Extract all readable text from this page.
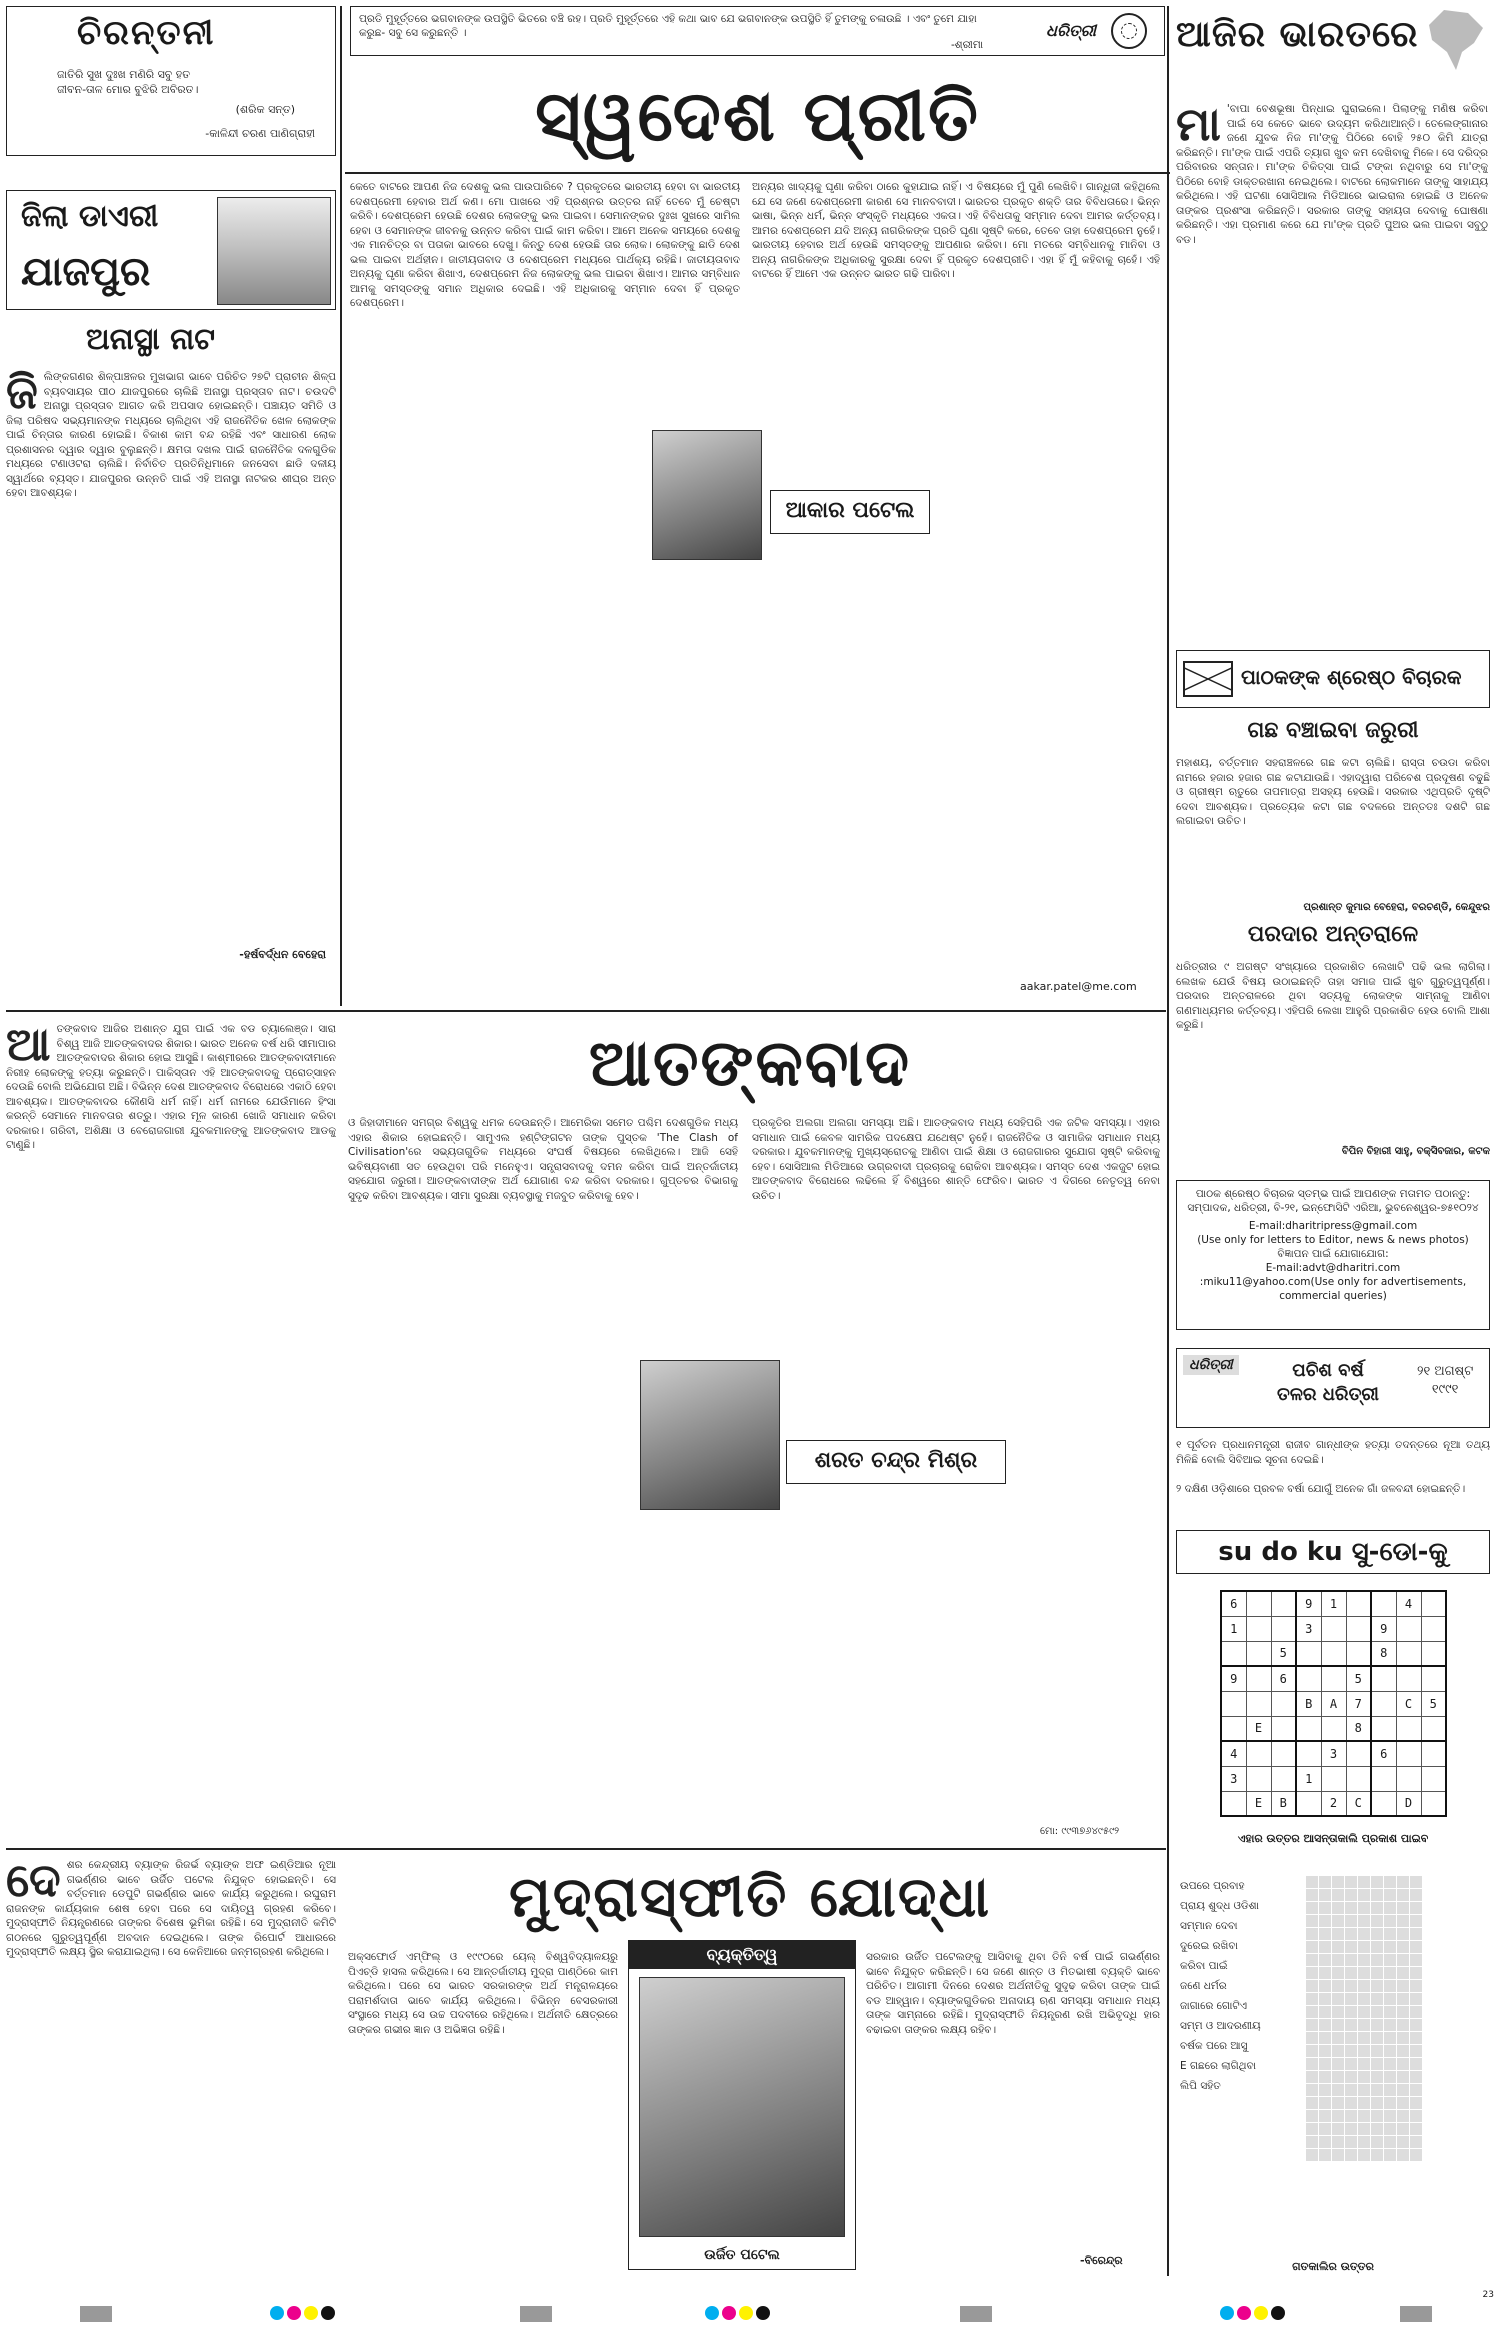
ଚିରନ୍ତନୀ
ଜାତିରି ସୁଖ ଦୁଃଖ ମଣିରି ସବୁ ହତ
ଜୀବନ-ତାଳ ମୋର ବୁଝିରି ଅବିରତ।
(ଶରିକ ସନ୍ତ)
-କାଳିନ୍ଦୀ ଚରଣ ପାଣିଗ୍ରାହୀ
ପ୍ରତି ମୁହୂର୍ତ୍ତରେ ଭଗବାନଙ୍କ ଉପସ୍ଥିତି ଭିତରେ ବଞ୍ଚି ରହ। ପ୍ରତି ମୁହୂର୍ତ୍ତରେ ଏହି କଥା ଭାବ ଯେ ଭଗବାନଙ୍କ ଉପସ୍ଥିତି ହିଁ ତୁମଙ୍କୁ ଚଳାଉଛି । ଏବଂ ତୁମେ ଯାହା କରୁଛ- ସବୁ ସେ କରୁଛନ୍ତି ।
-ଶ୍ରୀମା
ଧରିତ୍ରୀ
ସ୍ୱଦେଶ ପ୍ରୀତି
ଆଜିର ଭାରତରେ
ମା 'ବାପା ବେଶଭୂଷା ପିନ୍ଧାଇ ଘୁରାଇଲେ। ପିଲାଙ୍କୁ ମଣିଷ କରିବା ପାଇଁ ସେ କେତେ ଭାବେ ଉଦ୍ୟମ କରିଥାଆନ୍ତି। ତେଲେଙ୍ଗାନାର ଜଣେ ଯୁବକ ନିଜ ମା'ଙ୍କୁ ପିଠିରେ ବୋହି ୨୫୦ କିମି ଯାତ୍ରା କରିଛନ୍ତି। ମା'ଙ୍କ ପାଇଁ ଏପରି ତ୍ୟାଗ ଖୁବ କମ ଦେଖିବାକୁ ମିଳେ। ସେ ଦରିଦ୍ର ପରିବାରର ସନ୍ତାନ। ମା'ଙ୍କ ଚିକିତ୍ସା ପାଇଁ ଟଙ୍କା ନଥିବାରୁ ସେ ମା'ଙ୍କୁ ପିଠିରେ ବୋହି ଡାକ୍ତରଖାନା ନେଇଥିଲେ। ବାଟରେ ଲୋକମାନେ ତାଙ୍କୁ ସାହାଯ୍ୟ କରିଥିଲେ। ଏହି ଘଟଣା ସୋସିଆଲ ମିଡିଆରେ ଭାଇରାଲ ହୋଇଛି ଓ ଅନେକ ତାଙ୍କର ପ୍ରଶଂସା କରିଛନ୍ତି। ସରକାର ତାଙ୍କୁ ସହାୟତା ଦେବାକୁ ଘୋଷଣା କରିଛନ୍ତି। ଏହା ପ୍ରମାଣ କରେ ଯେ ମା'ଙ୍କ ପ୍ରତି ପୁଅର ଭଲ ପାଇବା ସବୁଠୁ ବଡ।
ଜିଲା ଡାଏରୀ
ଯାଜପୁର
ଅନାସ୍ଥା ନାଟ
ଜି ଲିଙ୍କଗଣର ଶିଳ୍ପାଞ୍ଚଳର ମୁଖଭାଗ ଭାବେ ପରିଚିତ ୨୭ଟି ପ୍ରାଚୀନ ଶିଳ୍ପ ବ୍ୟବସାୟର ପୀଠ ଯାଜପୁରରେ ଚାଲିଛି ଅନାସ୍ଥା ପ୍ରସ୍ତାବ ନାଟ। ଚଉଦଟି ଅନାସ୍ଥା ପ୍ରସ୍ତାବ ଆଗତ କରି ଅପସାଦ ହୋଇଛନ୍ତି। ପଞ୍ଚାୟତ ସମିତି ଓ ଜିଲା ପରିଷଦ ସଭ୍ୟମାନଙ୍କ ମଧ୍ୟରେ ଚାଲିଥିବା ଏହି ରାଜନୈତିକ ଖେଳ ଲୋକଙ୍କ ପାଇଁ ଚିନ୍ତାର କାରଣ ହୋଇଛି। ବିକାଶ କାମ ବନ୍ଦ ରହିଛି ଏବଂ ସାଧାରଣ ଲୋକ ପ୍ରଶାସନର ଦ୍ୱାର ଦ୍ୱାର ବୁଲୁଛନ୍ତି। କ୍ଷମତା ଦଖଲ ପାଇଁ ରାଜନୈତିକ ଦଳଗୁଡିକ ମଧ୍ୟରେ ଟଣାଓଟରା ଚାଲିଛି। ନିର୍ବାଚିତ ପ୍ରତିନିଧିମାନେ ଜନସେବା ଛାଡି ଦଳୀୟ ସ୍ୱାର୍ଥରେ ବ୍ୟସ୍ତ। ଯାଜପୁରର ଉନ୍ନତି ପାଇଁ ଏହି ଅନାସ୍ଥା ନାଟକର ଶୀଘ୍ର ଅନ୍ତ ହେବା ଆବଶ୍ୟକ।
-ହର୍ଷବର୍ଦ୍ଧନ ବେହେରା
କେତେ ବାଟରେ ଆପଣ ନିଜ ଦେଶକୁ ଭଲ ପାଉପାରିବେ ? ପ୍ରକୃତରେ ଭାରତୀୟ ହେବା ବା ଭାରତୀୟ ଦେଶପ୍ରେମୀ ହେବାର ଅର୍ଥ କଣ। ମୋ ପାଖରେ ଏହି ପ୍ରଶ୍ନର ଉତ୍ତର ନାହିଁ ତେବେ ମୁଁ ଚେଷ୍ଟା କରିବି। ଦେଶପ୍ରେମ ହେଉଛି ଦେଶର ଲୋକଙ୍କୁ ଭଲ ପାଇବା। ସେମାନଙ୍କର ଦୁଃଖ ସୁଖରେ ସାମିଲ ହେବା ଓ ସେମାନଙ୍କ ଜୀବନକୁ ଉନ୍ନତ କରିବା ପାଇଁ କାମ କରିବା। ଆମେ ଅନେକ ସମୟରେ ଦେଶକୁ ଏକ ମାନଚିତ୍ର ବା ପତାକା ଭାବରେ ଦେଖୁ। କିନ୍ତୁ ଦେଶ ହେଉଛି ତାର ଲୋକ। ଲୋକଙ୍କୁ ଛାଡି ଦେଶ ଭଲ ପାଇବା ଅର୍ଥହୀନ। ଜାତୀୟତାବାଦ ଓ ଦେଶପ୍ରେମ ମଧ୍ୟରେ ପାର୍ଥକ୍ୟ ରହିଛି। ଜାତୀୟତାବାଦ ଅନ୍ୟକୁ ଘୃଣା କରିବା ଶିଖାଏ, ଦେଶପ୍ରେମ ନିଜ ଲୋକଙ୍କୁ ଭଲ ପାଇବା ଶିଖାଏ। ଆମର ସମ୍ବିଧାନ ଆମକୁ ସମସ୍ତଙ୍କୁ ସମାନ ଅଧିକାର ଦେଇଛି। ଏହି ଅଧିକାରକୁ ସମ୍ମାନ ଦେବା ହିଁ ପ୍ରକୃତ ଦେଶପ୍ରେମ।
ଅନ୍ୟର ଖାଦ୍ୟକୁ ଘୃଣା କରିବା ଠାରେ କୁହାଯାଇ ନାହିଁ। ଏ ବିଷୟରେ ମୁଁ ପୁଣି ଲେଖିବି। ଗାନ୍ଧିଜୀ କହିଥିଲେ ଯେ ସେ ଜଣେ ଦେଶପ୍ରେମୀ କାରଣ ସେ ମାନବବାଦୀ। ଭାରତର ପ୍ରକୃତ ଶକ୍ତି ତାର ବିବିଧତାରେ। ଭିନ୍ନ ଭାଷା, ଭିନ୍ନ ଧର୍ମ, ଭିନ୍ନ ସଂସ୍କୃତି ମଧ୍ୟରେ ଏକତା। ଏହି ବିବିଧତାକୁ ସମ୍ମାନ ଦେବା ଆମର କର୍ତ୍ତବ୍ୟ। ଆମର ଦେଶପ୍ରେମ ଯଦି ଅନ୍ୟ ନାଗରିକଙ୍କ ପ୍ରତି ଘୃଣା ସୃଷ୍ଟି କରେ, ତେବେ ତାହା ଦେଶପ୍ରେମ ନୁହେଁ। ଭାରତୀୟ ହେବାର ଅର୍ଥ ହେଉଛି ସମସ୍ତଙ୍କୁ ଆପଣାର କରିବା। ମୋ ମତରେ ସମ୍ବିଧାନକୁ ମାନିବା ଓ ଅନ୍ୟ ନାଗରିକଙ୍କ ଅଧିକାରକୁ ସୁରକ୍ଷା ଦେବା ହିଁ ପ୍ରକୃତ ଦେଶପ୍ରୀତି। ଏହା ହିଁ ମୁଁ କହିବାକୁ ଚାହେଁ। ଏହି ବାଟରେ ହିଁ ଆମେ ଏକ ଉନ୍ନତ ଭାରତ ଗଢି ପାରିବା।
ଆକାର ପଟେଲ
aakar.patel@me.com
ପାଠକଙ୍କ ଶ୍ରେଷ୍ଠ ବିଚାରକ
ଗଛ ବଞ୍ଚାଇବା ଜରୁରୀ
ମହାଶୟ, ବର୍ତ୍ତମାନ ସହରାଞ୍ଚଳରେ ଗଛ କଟା ଚାଲିଛି। ରାସ୍ତା ଚଉଡା କରିବା ନାମରେ ହଜାର ହଜାର ଗଛ କଟାଯାଉଛି। ଏହାଦ୍ୱାରା ପରିବେଶ ପ୍ରଦୂଷଣ ବଢୁଛି ଓ ଗ୍ରୀଷ୍ମ ଋତୁରେ ତାପମାତ୍ରା ଅସହ୍ୟ ହେଉଛି। ସରକାର ଏଥିପ୍ରତି ଦୃଷ୍ଟି ଦେବା ଆବଶ୍ୟକ। ପ୍ରତ୍ୟେକ କଟା ଗଛ ବଦଳରେ ଅନ୍ତତଃ ଦଶଟି ଗଛ ଲଗାଇବା ଉଚିତ।
ପ୍ରଶାନ୍ତ କୁମାର ବେହେରା, ବରଚଣ୍ଡି, କେନ୍ଦୁଝର
ପରଦାର ଅନ୍ତରାଳେ
ଧରିତ୍ରୀର ୯ ଅଗଷ୍ଟ ସଂଖ୍ୟାରେ ପ୍ରକାଶିତ ଲେଖାଟି ପଢି ଭଲ ଲାଗିଲା। ଲେଖକ ଯେଉଁ ବିଷୟ ଉଠାଇଛନ୍ତି ତାହା ସମାଜ ପାଇଁ ଖୁବ ଗୁରୁତ୍ୱପୂର୍ଣ୍ଣ। ପରଦାର ଅନ୍ତରାଳରେ ଥିବା ସତ୍ୟକୁ ଲୋକଙ୍କ ସାମ୍ନାକୁ ଆଣିବା ଗଣମାଧ୍ୟମର କର୍ତ୍ତବ୍ୟ। ଏହିପରି ଲେଖା ଆହୁରି ପ୍ରକାଶିତ ହେଉ ବୋଲି ଆଶା କରୁଛି।
ବିପିନ ବିହାରୀ ସାହୁ, ବକ୍ସିବଜାର, କଟକ
ପାଠକ ଶ୍ରେଷ୍ଠ ବିଚାରକ ସ୍ତମ୍ଭ ପାଇଁ ଆପଣଙ୍କ ମତାମତ ପଠାନ୍ତୁ:
ସମ୍ପାଦକ, ଧରିତ୍ରୀ, ବି-୨୧, ଇନ୍‌ଫୋସିଟି ଏରିଆ, ଭୁବନେଶ୍ୱର-୭୫୧୦୨୪
E-mail:dharitripress@gmail.com
(Use only for letters to Editor, news & news photos)
ବିଜ୍ଞାପନ ପାଇଁ ଯୋଗାଯୋଗ:
E-mail:advt@dharitri.com
:miku11@yahoo.com(Use only for advertisements, commercial queries)
ଧରିତ୍ରୀ	ପଚିଶ ବର୍ଷ
ତଳର ଧରିତ୍ରୀ
୨୧ ଅଗଷ୍ଟ
୧୯୯୧
୧ ପୂର୍ବତନ ପ୍ରଧାନମନ୍ତ୍ରୀ ରାଜୀବ ଗାନ୍ଧୀଙ୍କ ହତ୍ୟା ତଦନ୍ତରେ ନୂଆ ତଥ୍ୟ ମିଳିଛି ବୋଲି ସିବିଆଇ ସୂଚନା ଦେଇଛି।
୨ ଦକ୍ଷିଣ ଓଡ଼ିଶାରେ ପ୍ରବଳ ବର୍ଷା ଯୋଗୁଁ ଅନେକ ଗାଁ ଜଳବନ୍ଦୀ ହୋଇଛନ୍ତି।
su do ku ସୁ-ଡୋ-କୁ
6			9	1			4	
1			3			9		
		5				8		
9		6			5			
			B	A	7		C	5
	E				8			
4				3		6		
3			1					
	E	B		2	C		D	
ଏହାର ଉତ୍ତର ଆସନ୍ତାକାଲି ପ୍ରକାଶ ପାଇବ
ଉପରେ ପ୍ରବାହ
ପ୍ରାୟ ଶୁଦ୍ଧ ଓଡିଶା
ସମ୍ମାନ ଦେବା
ଦୁରେଇ ରଖିବା
କରିବା ପାଇଁ
ଜଣେ ଧର୍ମର
ଜାଗାରେ ଗୋଟିଏ
ସମ୍ମ ଓ ଆଦରଣୀୟ
ବର୍ଷକ ପରେ ଆସୁ
E ଗଛରେ ଲାଗିଥିବା
ଲିପି ସହିତ
ଗତକାଲିର ଉତ୍ତର
ଆତଙ୍କବାଦ
ଆ ତଙ୍କବାଦ ଆଜିର ଅଶାନ୍ତ ଯୁଗ ପାଇଁ ଏକ ବଡ ଚ୍ୟାଲେଞ୍ଜ। ସାରା ବିଶ୍ୱ ଆଜି ଆତଙ୍କବାଦର ଶିକାର। ଭାରତ ଅନେକ ବର୍ଷ ଧରି ସୀମାପାର ଆତଙ୍କବାଦର ଶିକାର ହୋଇ ଆସୁଛି। କାଶ୍ମୀରରେ ଆତଙ୍କବାଦୀମାନେ ନିରୀହ ଲୋକଙ୍କୁ ହତ୍ୟା କରୁଛନ୍ତି। ପାକିସ୍ତାନ ଏହି ଆତଙ୍କବାଦକୁ ପ୍ରୋତ୍ସାହନ ଦେଉଛି ବୋଲି ଅଭିଯୋଗ ଅଛି। ବିଭିନ୍ନ ଦେଶ ଆତଙ୍କବାଦ ବିରୋଧରେ ଏକାଠି ହେବା ଆବଶ୍ୟକ। ଆତଙ୍କବାଦର କୌଣସି ଧର୍ମ ନାହିଁ। ଧର୍ମ ନାମରେ ଯେଉଁମାନେ ହିଂସା କରନ୍ତି ସେମାନେ ମାନବତାର ଶତ୍ରୁ। ଏହାର ମୂଳ କାରଣ ଖୋଜି ସମାଧାନ କରିବା ଦରକାର। ଗରିବୀ, ଅଶିକ୍ଷା ଓ ବେରୋଜଗାରୀ ଯୁବକମାନଙ୍କୁ ଆତଙ୍କବାଦ ଆଡକୁ ଟାଣୁଛି।
ଓ ଜିହାଦୀମାନେ ସମଗ୍ର ବିଶ୍ୱକୁ ଧମକ ଦେଉଛନ୍ତି। ଆମେରିକା ସମେତ ପଶ୍ଚିମ ଦେଶଗୁଡିକ ମଧ୍ୟ ଏହାର ଶିକାର ହୋଇଛନ୍ତି। ସାମୁଏଲ ହଣ୍ଟିଙ୍ଗଟନ ତାଙ୍କ ପୁସ୍ତକ 'The Clash of Civilisation'ରେ ସଭ୍ୟତାଗୁଡିକ ମଧ୍ୟରେ ସଂଘର୍ଷ ବିଷୟରେ ଲେଖିଥିଲେ। ଆଜି ସେହି ଭବିଷ୍ୟବାଣୀ ସତ ହେଉଥିବା ପରି ମନେହୁଏ। ସନ୍ତ୍ରାସବାଦକୁ ଦମନ କରିବା ପାଇଁ ଅନ୍ତର୍ଜାତୀୟ ସହଯୋଗ ଜରୁରୀ। ଆତଙ୍କବାଦୀଙ୍କ ଅର୍ଥ ଯୋଗାଣ ବନ୍ଦ କରିବା ଦରକାର। ଗୁପ୍ତଚର ବିଭାଗକୁ ସୁଦୃଢ କରିବା ଆବଶ୍ୟକ। ସୀମା ସୁରକ୍ଷା ବ୍ୟବସ୍ଥାକୁ ମଜବୁତ କରିବାକୁ ହେବ।
ପ୍ରକୃତିର ଅଲଗା ଅଲଗା ସମସ୍ୟା ଅଛି। ଆତଙ୍କବାଦ ମଧ୍ୟ ସେହିପରି ଏକ ଜଟିଳ ସମସ୍ୟା। ଏହାର ସମାଧାନ ପାଇଁ କେବଳ ସାମରିକ ପଦକ୍ଷେପ ଯଥେଷ୍ଟ ନୁହେଁ। ରାଜନୈତିକ ଓ ସାମାଜିକ ସମାଧାନ ମଧ୍ୟ ଦରକାର। ଯୁବକମାନଙ୍କୁ ମୁଖ୍ୟସ୍ରୋତକୁ ଆଣିବା ପାଇଁ ଶିକ୍ଷା ଓ ରୋଜଗାରର ସୁଯୋଗ ସୃଷ୍ଟି କରିବାକୁ ହେବ। ସୋସିଆଲ ମିଡିଆରେ ଉଗ୍ରବାଦୀ ପ୍ରଚାରକୁ ରୋକିବା ଆବଶ୍ୟକ। ସମସ୍ତ ଦେଶ ଏକଜୁଟ ହୋଇ ଆତଙ୍କବାଦ ବିରୋଧରେ ଲଢିଲେ ହିଁ ବିଶ୍ୱରେ ଶାନ୍ତି ଫେରିବ। ଭାରତ ଏ ଦିଗରେ ନେତୃତ୍ୱ ନେବା ଉଚିତ।
ଶରତ ଚନ୍ଦ୍ର ମିଶ୍ର
ମୋ: ୯୯୩୭୬୪୯୫୯୨
ମୁଦ୍ରାସ୍ଫୀତି ଯୋଦ୍ଧା
ଦେ ଶର କେନ୍ଦ୍ରୀୟ ବ୍ୟାଙ୍କ ରିଜର୍ଭ ବ୍ୟାଙ୍କ ଅଫ ଇଣ୍ଡିଆର ନୂଆ ଗଭର୍ଣ୍ଣର ଭାବେ ଉର୍ଜିତ ପଟେଲ ନିଯୁକ୍ତ ହୋଇଛନ୍ତି। ସେ ବର୍ତ୍ତମାନ ଡେପୁଟି ଗଭର୍ଣ୍ଣର ଭାବେ କାର୍ଯ୍ୟ କରୁଥିଲେ। ରଘୁରାମ ରାଜନଙ୍କ କାର୍ଯ୍ୟକାଳ ଶେଷ ହେବା ପରେ ସେ ଦାୟିତ୍ୱ ଗ୍ରହଣ କରିବେ। ମୁଦ୍ରାସ୍ଫୀତି ନିୟନ୍ତ୍ରଣରେ ତାଙ୍କର ବିଶେଷ ଭୂମିକା ରହିଛି। ସେ ମୁଦ୍ରାନୀତି କମିଟି ଗଠନରେ ଗୁରୁତ୍ୱପୂର୍ଣ୍ଣ ଅବଦାନ ଦେଇଥିଲେ। ତାଙ୍କ ରିପୋର୍ଟ ଆଧାରରେ ମୁଦ୍ରାସ୍ଫୀତି ଲକ୍ଷ୍ୟ ସ୍ଥିର କରାଯାଇଥିଲା। ସେ କେନିଆରେ ଜନ୍ମଗ୍ରହଣ କରିଥିଲେ।	ଅକ୍ସଫୋର୍ଡ ଏମ୍‌ଫିଲ୍ ଓ ୧୯୯୦ରେ ୟେଲ୍ ବିଶ୍ୱବିଦ୍ୟାଳୟରୁ ପିଏଚ୍‌ଡି ହାସଲ କରିଥିଲେ। ସେ ଆନ୍ତର୍ଜାତୀୟ ମୁଦ୍ରା ପାଣ୍ଠିରେ କାମ କରିଥିଲେ। ପରେ ସେ ଭାରତ ସରକାରଙ୍କ ଅର୍ଥ ମନ୍ତ୍ରାଳୟରେ ପରାମର୍ଶଦାତା ଭାବେ କାର୍ଯ୍ୟ କରିଥିଲେ। ବିଭିନ୍ନ ବେସରକାରୀ ସଂସ୍ଥାରେ ମଧ୍ୟ ସେ ଉଚ୍ଚ ପଦବୀରେ ରହିଥିଲେ। ଅର୍ଥନୀତି କ୍ଷେତ୍ରରେ ତାଙ୍କର ଗଭୀର ଜ୍ଞାନ ଓ ଅଭିଜ୍ଞତା ରହିଛି।
ବ୍ୟକ୍ତିତ୍ୱ
ଉର୍ଜିତ ପଟେଲ
ସରକାର ଉର୍ଜିତ ପଟେଲଙ୍କୁ ଆସିବାକୁ ଥିବା ତିନି ବର୍ଷ ପାଇଁ ଗଭର୍ଣ୍ଣର ଭାବେ ନିଯୁକ୍ତ କରିଛନ୍ତି। ସେ ଜଣେ ଶାନ୍ତ ଓ ମିତଭାଷୀ ବ୍ୟକ୍ତି ଭାବେ ପରିଚିତ। ଆଗାମୀ ଦିନରେ ଦେଶର ଅର୍ଥନୀତିକୁ ସୁଦୃଢ କରିବା ତାଙ୍କ ପାଇଁ ବଡ ଆହ୍ୱାନ। ବ୍ୟାଙ୍କଗୁଡିକର ଅନାଦାୟ ଋଣ ସମସ୍ୟା ସମାଧାନ ମଧ୍ୟ ତାଙ୍କ ସାମ୍ନାରେ ରହିଛି। ମୁଦ୍ରାସ୍ଫୀତି ନିୟନ୍ତ୍ରଣ ରଖି ଅଭିବୃଦ୍ଧି ହାର ବଢାଇବା ତାଙ୍କର ଲକ୍ଷ୍ୟ ରହିବ।
-ବିରେନ୍ଦ୍ର
23
